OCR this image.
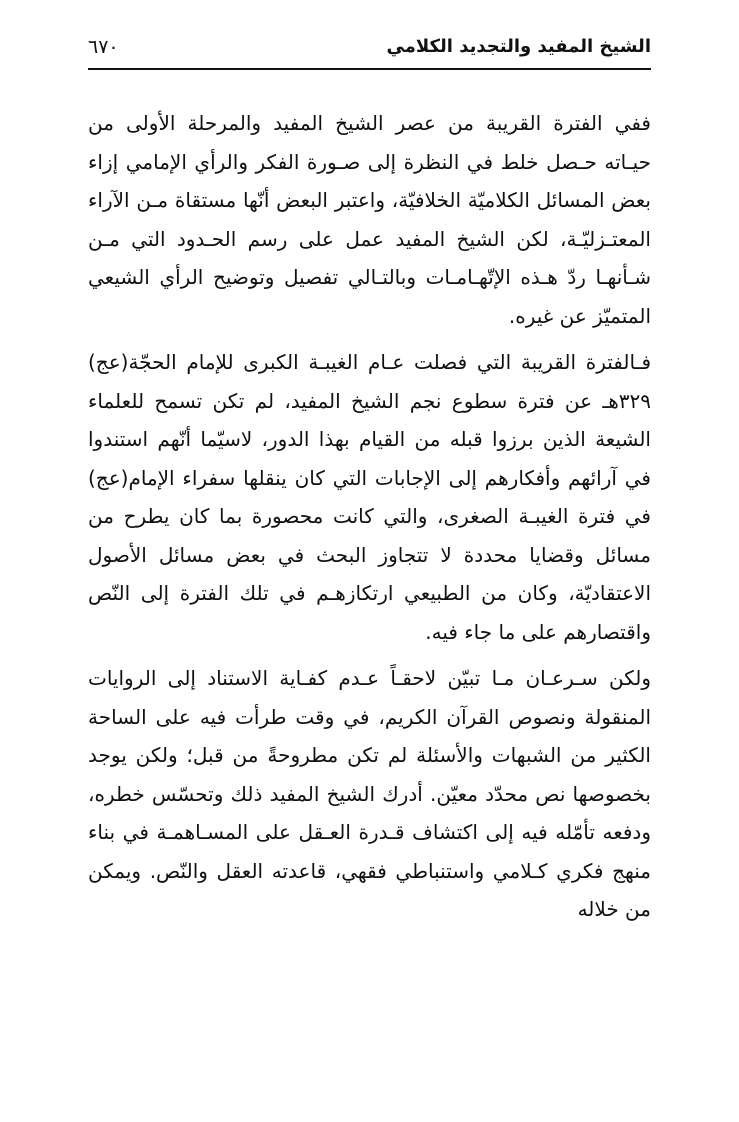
٦٧٠	الشيخ المفيد والتجديد الكلامي

ففي الفترة القريبة من عصر الشيخ المفيد والمرحلة الأولى من حيـاته حـصل خلط في النظرة إلى صـورة الفكر والرأي الإمامي إزاء بعض المسائل الكلاميّة الخلافيّة، واعتبر البعض أنّها مستقاة مـن الآراء المعتـزليّـة، لكن الشيخ المفيد عمل على رسم الحـدود التي مـن شـأنهـا ردّ هـذه الإتّهـامـات وبالتـالي تفصيل وتوضيح الرأي الشيعي المتميّز عن غيره.

فـالفترة القريبة التي فصلت عـام الغيبـة الكبرى للإمام الحجّة(عج) ٣٢٩هـ عن فترة سطوع نجم الشيخ المفيد، لم تكن تسمح للعلماء الشيعة الذين برزوا قبله من القيام بهذا الدور، لاسيّما أنّهم استندوا في آرائهم وأفكارهم إلى الإجابات التي كان ينقلها سفراء الإمام(عج) في فترة الغيبـة الصغرى، والتي كانت محصورة بما كان يطرح من مسائل وقضايا محددة لا تتجاوز البحث في بعض مسائل الأصول الاعتقاديّة، وكان من الطبيعي ارتكازهـم في تلك الفترة إلى النّص واقتصارهم على ما جاء فيه.

ولكن سـرعـان مـا تبيّن لاحقـاً عـدم كفـاية الاستناد إلى الروايات المنقولة ونصوص القرآن الكريم، في وقت طرأت فيه على الساحة الكثير من الشبهات والأسئلة لم تكن مطروحةً من قبل؛ ولكن يوجد بخصوصها نص محدّد معيّن. أدرك الشيخ المفيد ذلك وتحسّس خطره، ودفعه تأمّله فيه إلى اكتشاف قـدرة العـقل على المسـاهمـة في بناء منهج فكري كـلامي واستنباطي فقهي، قاعدته العقل والنّص. ويمكن من خلاله
